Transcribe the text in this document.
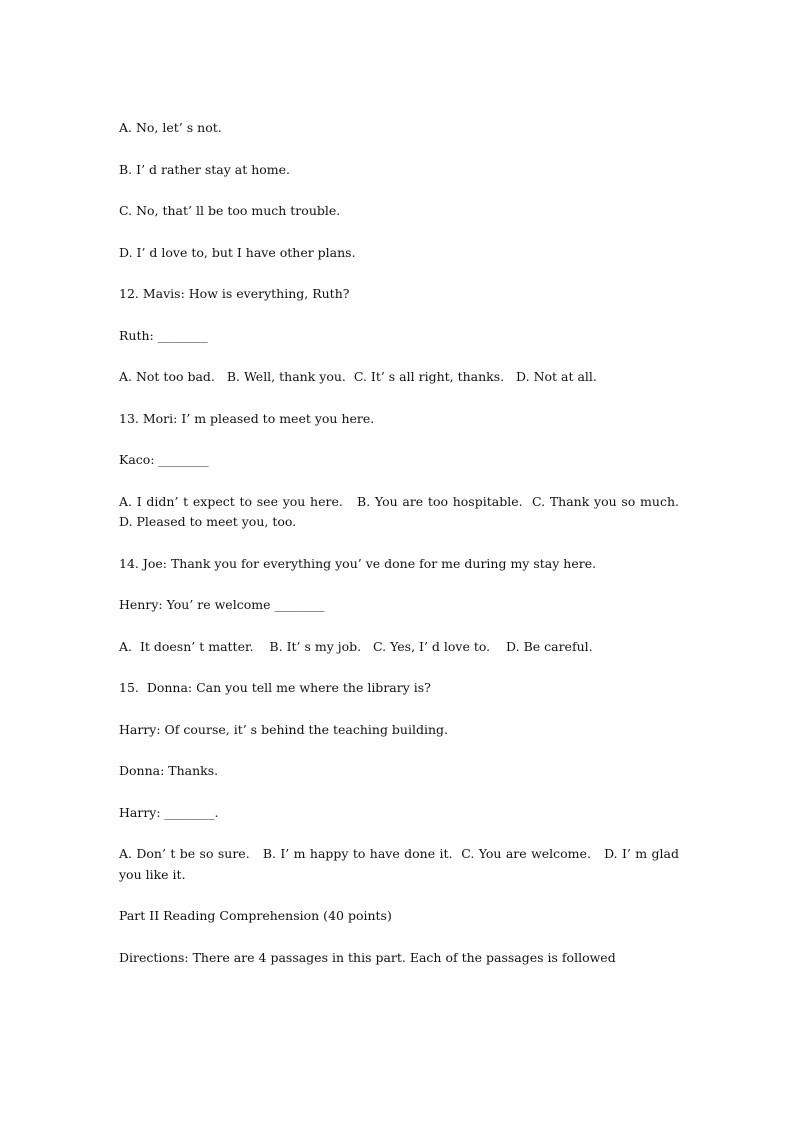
A. No, let’ s not.

B. I’ d rather stay at home.

C. No, that’ ll be too much trouble.

D. I’ d love to, but I have other plans.

12. Mavis: How is everything, Ruth?

Ruth: ________

A. Not too bad.   B. Well, thank you.  C. It’ s all right, thanks.   D. Not at all.

13. Mori: I’ m pleased to meet you here.

Kaco: ________

A. I didn’ t expect to see you here.   B. You are too hospitable.  C. Thank you so much.   D. Pleased to meet you, too.

14. Joe: Thank you for everything you’ ve done for me during my stay here.

Henry: You’ re welcome ________

A.  It doesn’ t matter.    B. It’ s my job.   C. Yes, I’ d love to.    D. Be careful.

15.  Donna: Can you tell me where the library is?

Harry: Of course, it’ s behind the teaching building.

Donna: Thanks.

Harry: ________.

A. Don’ t be so sure.   B. I’ m happy to have done it.  C. You are welcome.   D. I’ m glad you like it.

Part II Reading Comprehension (40 points)

Directions: There are 4 passages in this part. Each of the passages is followed
